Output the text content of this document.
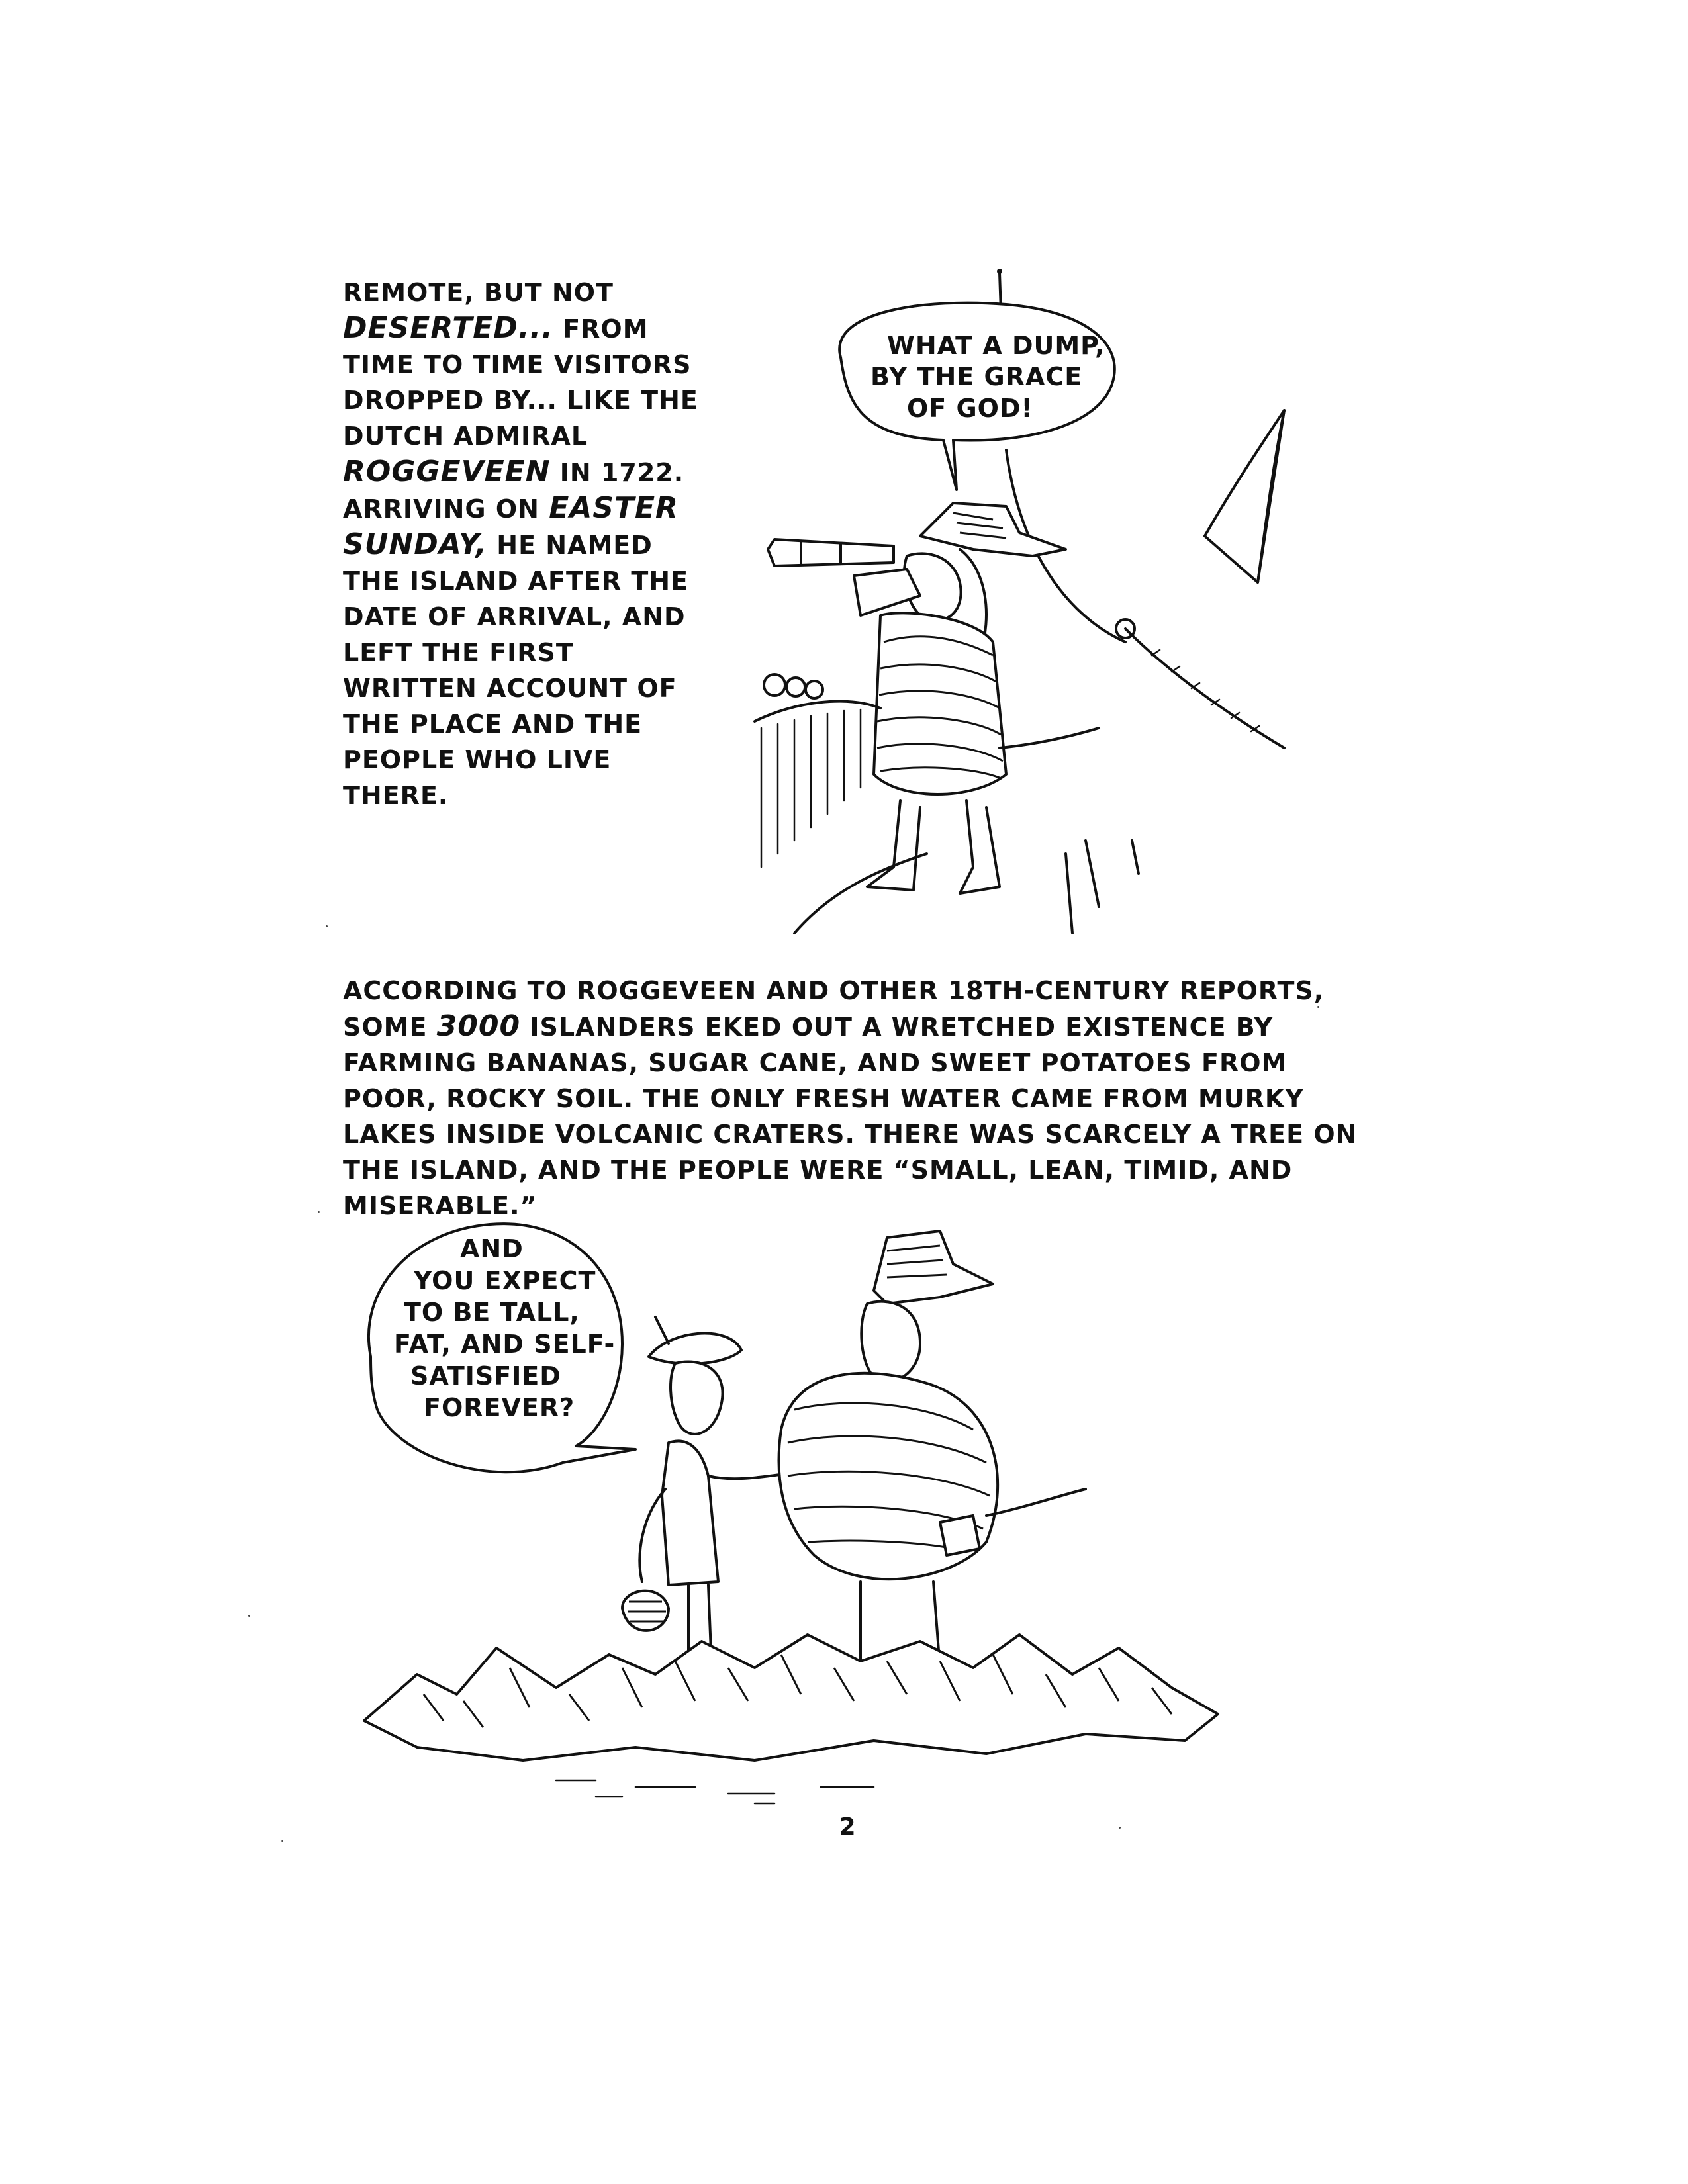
REMOTE, BUT NOT DESERTED... FROM TIME TO TIME VISITORS DROPPED BY... LIKE THE DUTCH ADMIRAL ROGGEVEEN IN 1722. ARRIVING ON EASTER SUNDAY, HE NAMED THE ISLAND AFTER THE DATE OF ARRIVAL, AND LEFT THE FIRST WRITTEN ACCOUNT OF THE PLACE AND THE PEOPLE WHO LIVE THERE.

WHAT A DUMP,
BY THE GRACE
OF GOD!

ACCORDING TO ROGGEVEEN AND OTHER 18TH-CENTURY REPORTS, SOME 3000 ISLANDERS EKED OUT A WRETCHED EXISTENCE BY FARMING BANANAS, SUGAR CANE, AND SWEET POTATOES FROM POOR, ROCKY SOIL. THE ONLY FRESH WATER CAME FROM MURKY LAKES INSIDE VOLCANIC CRATERS. THERE WAS SCARCELY A TREE ON THE ISLAND, AND THE PEOPLE WERE “SMALL, LEAN, TIMID, AND MISERABLE.”

AND
YOU EXPECT
TO BE TALL,
FAT, AND SELF-
SATISFIED
FOREVER?
2
